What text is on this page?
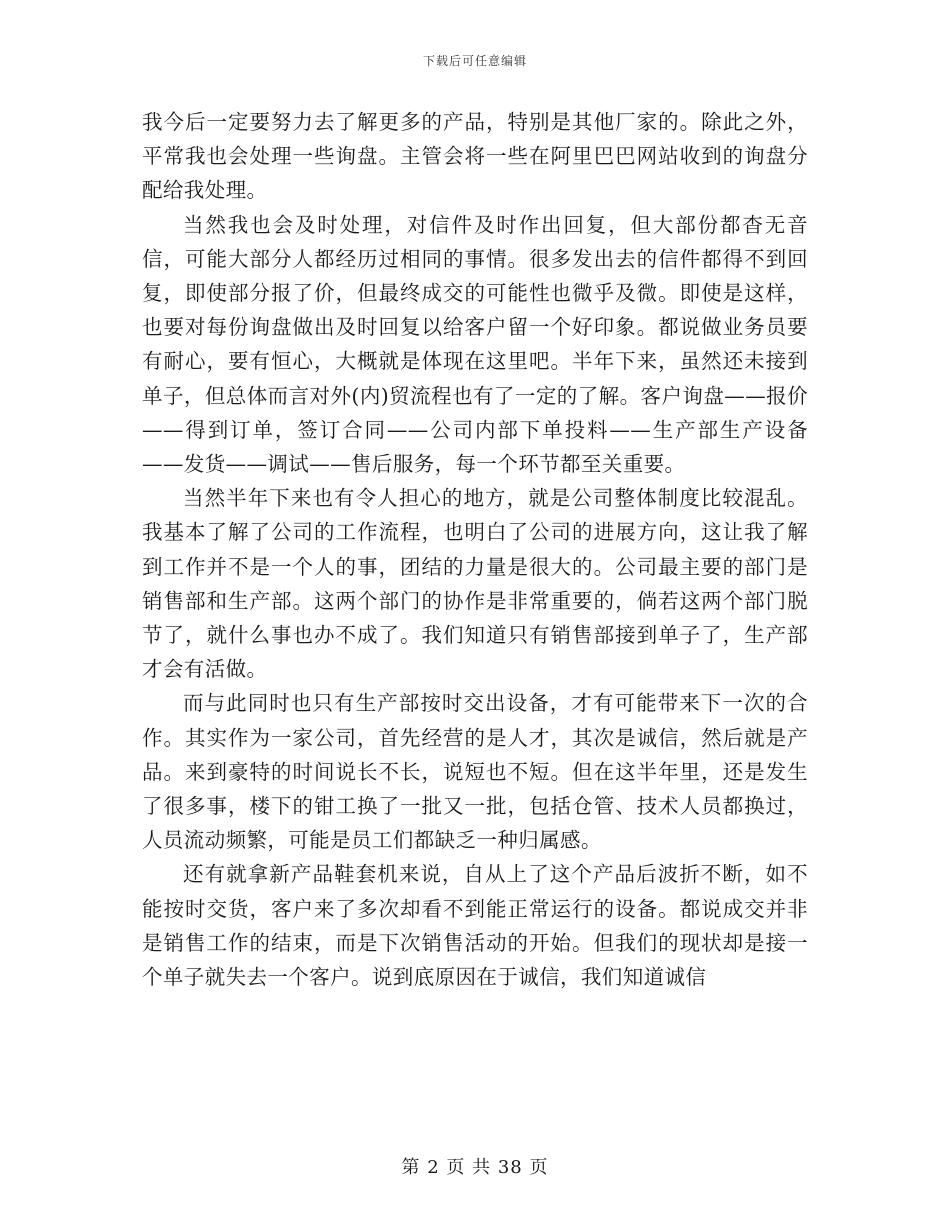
下载后可任意编辑

我今后一定要努力去了解更多的产品，特别是其他厂家的。除此之外，平常我也会处理一些询盘。主管会将一些在阿里巴巴网站收到的询盘分配给我处理。

当然我也会及时处理，对信件及时作出回复，但大部份都杳无音信，可能大部分人都经历过相同的事情。很多发出去的信件都得不到回复，即使部分报了价，但最终成交的可能性也微乎及微。即使是这样，也要对每份询盘做出及时回复以给客户留一个好印象。都说做业务员要有耐心，要有恒心，大概就是体现在这里吧。半年下来，虽然还未接到单子，但总体而言对外(内)贸流程也有了一定的了解。客户询盘——报价——得到订单，签订合同——公司内部下单投料——生产部生产设备——发货——调试——售后服务，每一个环节都至关重要。

当然半年下来也有令人担心的地方，就是公司整体制度比较混乱。我基本了解了公司的工作流程，也明白了公司的进展方向，这让我了解到工作并不是一个人的事，团结的力量是很大的。公司最主要的部门是销售部和生产部。这两个部门的协作是非常重要的，倘若这两个部门脱节了，就什么事也办不成了。我们知道只有销售部接到单子了，生产部才会有活做。

而与此同时也只有生产部按时交出设备，才有可能带来下一次的合作。其实作为一家公司，首先经营的是人才，其次是诚信，然后就是产品。来到豪特的时间说长不长，说短也不短。但在这半年里，还是发生了很多事，楼下的钳工换了一批又一批，包括仓管、技术人员都换过，人员流动频繁，可能是员工们都缺乏一种归属感。

还有就拿新产品鞋套机来说，自从上了这个产品后波折不断，如不能按时交货，客户来了多次却看不到能正常运行的设备。都说成交并非是销售工作的结束，而是下次销售活动的开始。但我们的现状却是接一个单子就失去一个客户。说到底原因在于诚信，我们知道诚信

第 2 页 共 38 页
